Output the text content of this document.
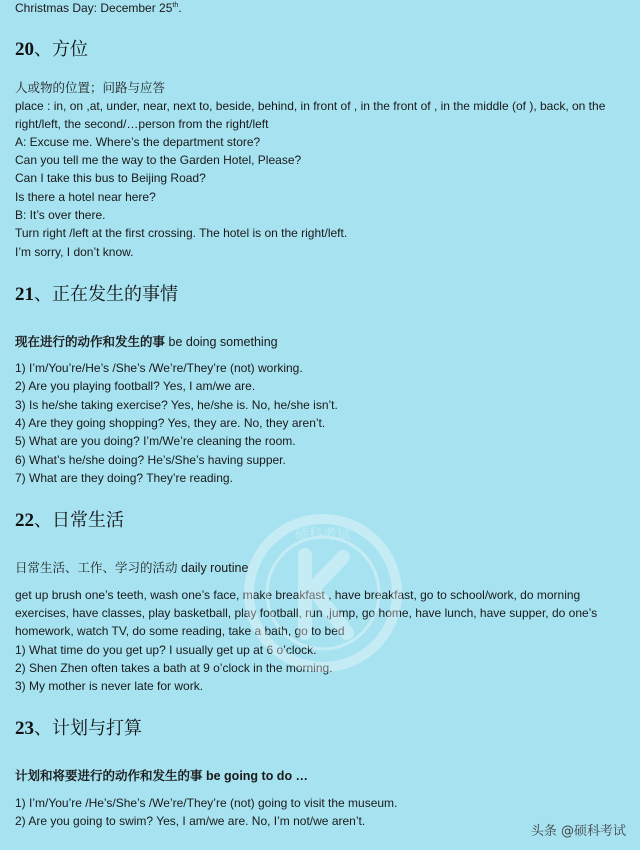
Christmas Day: December 25th.
20、方位
人或物的位置；问路与应答
place : in, on ,at, under, near, next to, beside, behind, in front of , in the front of , in the middle (of ), back, on the right/left, the second/…person from the right/left
A: Excuse me. Where’s the department store?
Can you tell me the way to the Garden Hotel, Please?
Can I take this bus to Beijing Road?
Is there a hotel near here?
B: It’s over there.
Turn right /left at the first crossing. The hotel is on the right/left.
I’m sorry, I don’t know.
21、正在发生的事情
现在进行的动作和发生的事 be doing something
1) I’m/You’re/He’s /She’s /We’re/They’re (not) working.
2) Are you playing football? Yes, I am/we are.
3) Is he/she taking exercise? Yes, he/she is. No, he/she isn’t.
4) Are they going shopping? Yes, they are. No, they aren’t.
5) What are you doing? I’m/We’re cleaning the room.
6) What’s he/she doing? He’s/She’s having supper.
7) What are they doing? They’re reading.
22、日常生活
日常生活、工作、学习的活动 daily routine
get up brush one’s teeth, wash one’s face, make breakfast , have breakfast, go to school/work, do morning exercises, have classes, play basketball, play football, run ,jump, go home, have lunch, have supper, do one’s homework, watch TV, do some reading, take a bath, go to bed
1) What time do you get up? I usually get up at 6 o’clock.
2) Shen Zhen often takes a bath at 9 o’clock in the morning.
3) My mother is never late for work.
23、计划与打算
计划和将要进行的动作和发生的事 be going to do …
1) I’m/You’re /He’s/She’s /We’re/They’re (not) going to visit the museum.
2) Are you going to swim? Yes, I am/we are. No, I’m not/we aren’t.
硕科考试
头条 @硕科考试
